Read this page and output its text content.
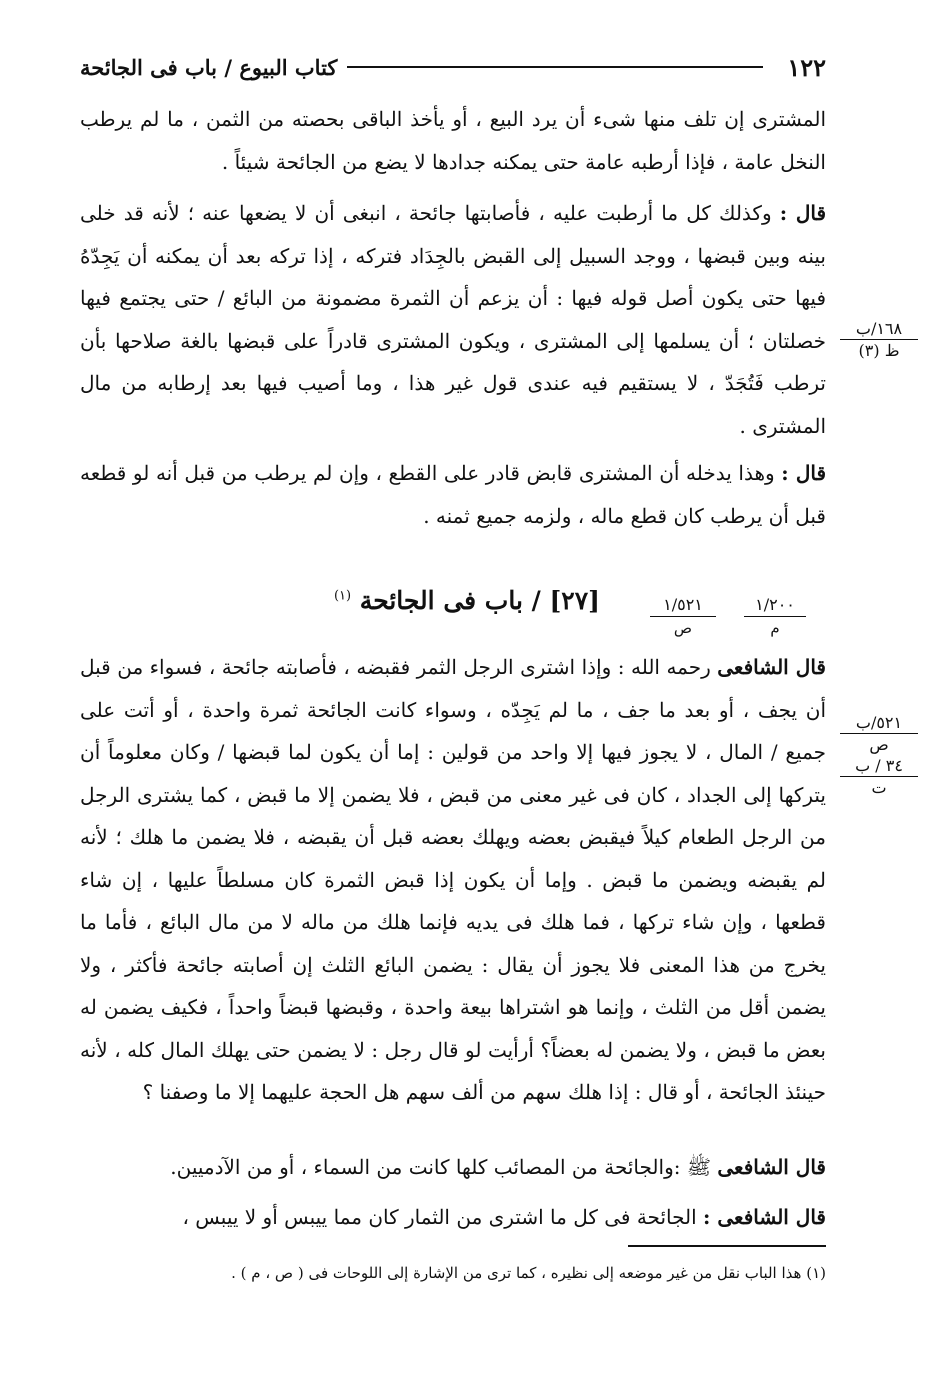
١٢٢
كتاب البيوع / باب فى الجائحة

المشترى إن تلف منها شىء أن يرد البيع ، أو يأخذ الباقى بحصته من الثمن ، ما لم يرطب النخل عامة ، فإذا أرطبه عامة حتى يمكنه جدادها لا يضع من الجائحة شيئاً .

قال : وكذلك كل ما أرطبت عليه ، فأصابتها جائحة ، انبغى أن لا يضعها عنه ؛ لأنه قد خلى بينه وبين قبضها ، ووجد السبيل إلى القبض بالجِدَاد فتركه ، إذا تركه بعد أن يمكنه أن يَجِدّهُ فيها حتى يكون أصل قوله فيها : أن يزعم أن الثمرة مضمونة من البائع / حتى يجتمع فيها خصلتان ؛ أن يسلمها إلى المشترى ، ويكون المشترى قادراً على قبضها بالغة صلاحها بأن ترطب فَتُجَدّ ، لا يستقيم فيه عندى قول غير هذا ، وما أصيب فيها بعد إرطابه من مال المشترى .

١٦٨/ب
ظ (٣)

قال : وهذا يدخله أن المشترى قابض قادر على القطع ، وإن لم يرطب من قبل أنه لو قطعه قبل أن يرطب كان قطع ماله ، ولزمه جميع ثمنه .

١/٢٠٠
م
١/٥٢١
ص
[٢٧] / باب فى الجائحة $^{(١)}$

قال الشافعى رحمه الله : وإذا اشترى الرجل الثمر فقبضه ، فأصابته جائحة ، فسواء من قبل أن يجف ، أو بعد ما جف ، ما لم يَجِدّه ، وسواء كانت الجائحة ثمرة واحدة ، أو أتت على جميع / المال ، لا يجوز فيها إلا واحد من قولين : إما أن يكون لما قبضها / وكان معلوماً أن يتركها إلى الجداد ، كان فى غير معنى من قبض ، فلا يضمن إلا ما قبض ، كما يشترى الرجل من الرجل الطعام كيلاً فيقبض بعضه ويهلك بعضه قبل أن يقبضه ، فلا يضمن ما هلك ؛ لأنه لم يقبضه ويضمن ما قبض . وإما أن يكون إذا قبض الثمرة كان مسلطاً عليها ، إن شاء قطعها ، وإن شاء تركها ، فما هلك فى يديه فإنما هلك من ماله لا من مال البائع ، فأما ما يخرج من هذا المعنى فلا يجوز أن يقال : يضمن البائع الثلث إن أصابته جائحة فأكثر ، ولا يضمن أقل من الثلث ، وإنما هو اشتراها بيعة واحدة ، وقبضها قبضاً واحداً ، فكيف يضمن له بعض ما قبض ، ولا يضمن له بعضاً؟ أرأيت لو قال رجل : لا يضمن حتى يهلك المال كله ، لأنه حينئذ الجائحة ، أو قال : إذا هلك سهم من ألف سهم هل الحجة عليهما إلا ما وصفنا ؟

٥٢١/ب
ص
٣٤ / ب
ت

قال الشافعى ﷺ :والجائحة من المصائب كلها كانت من السماء ، أو من الآدميين.

قال الشافعى : الجائحة فى كل ما اشترى من الثمار كان مما ييبس أو لا ييبس ،

(١) هذا الباب نقل من غير موضعه إلى نظيره ، كما ترى من الإشارة إلى اللوحات فى ( ص ، م ) .
